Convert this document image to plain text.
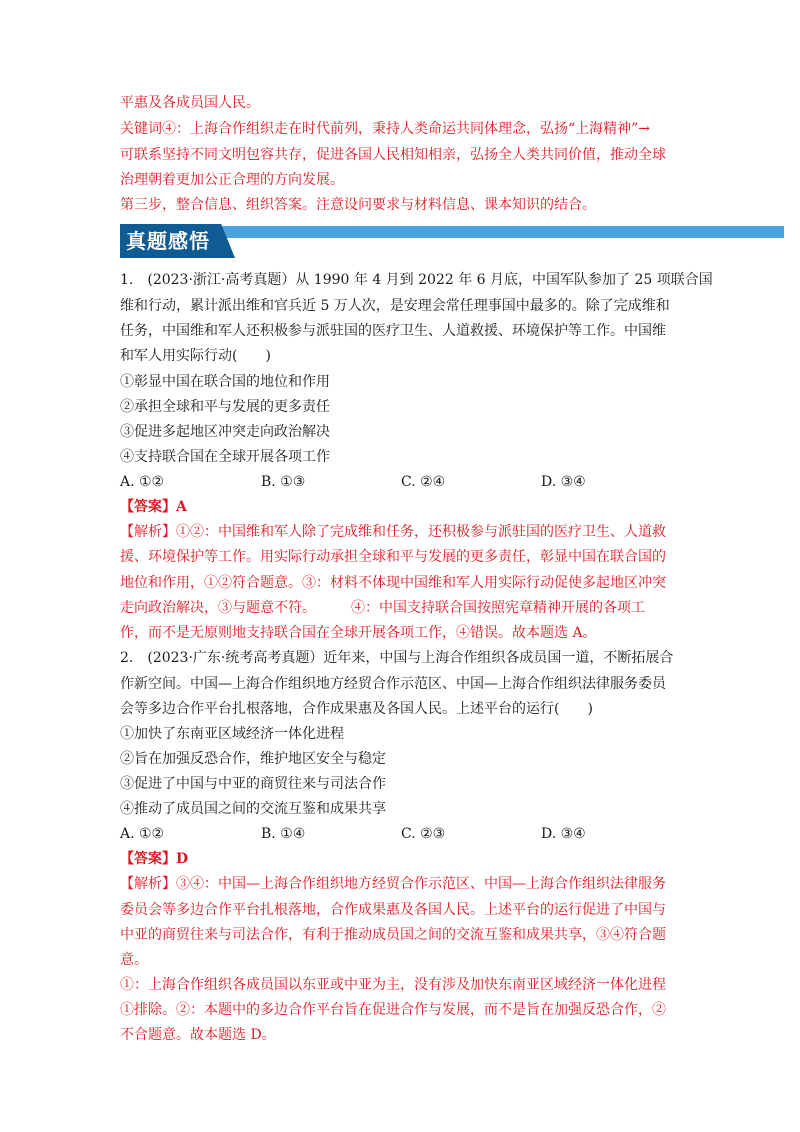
平惠及各成员国人民。
关键词④：上海合作组织走在时代前列，秉持人类命运共同体理念，弘扬“上海精神”→
可联系坚持不同文明包容共存，促进各国人民相知相亲，弘扬全人类共同价值，推动全球
治理朝着更加公正合理的方向发展。
第三步，整合信息、组织答案。注意设问要求与材料信息、课本知识的结合。
真题感悟
1.　(2023·浙江·高考真题）从 1990 年 4 月到 2022 年 6 月底，中国军队参加了 25 项联合国
维和行动，累计派出维和官兵近 5 万人次，是安理会常任理事国中最多的。除了完成维和
任务，中国维和军人还积极参与派驻国的医疗卫生、人道救援、环境保护等工作。中国维
和军人用实际行动(　　)
①彰显中国在联合国的地位和作用
②承担全球和平与发展的更多责任
③促进多起地区冲突走向政治解决
④支持联合国在全球开展各项工作
A. ①②	B. ①③	C. ②④	D. ③④
【答案】A
【解析】①②：中国维和军人除了完成维和任务，还积极参与派驻国的医疗卫生、人道救
援、环境保护等工作。用实际行动承担全球和平与发展的更多责任，彰显中国在联合国的
地位和作用，①②符合题意。③：材料不体现中国维和军人用实际行动促使多起地区冲突
走向政治解决，③与题意不符。　　　④：中国支持联合国按照宪章精神开展的各项工
作，而不是无原则地支持联合国在全球开展各项工作，④错误。故本题选 A。
2.　(2023·广东·统考高考真题）近年来，中国与上海合作组织各成员国一道，不断拓展合
作新空间。中国—上海合作组织地方经贸合作示范区、中国—上海合作组织法律服务委员
会等多边合作平台扎根落地，合作成果惠及各国人民。上述平台的运行(　　)
①加快了东南亚区域经济一体化进程
②旨在加强反恐合作，维护地区安全与稳定
③促进了中国与中亚的商贸往来与司法合作
④推动了成员国之间的交流互鉴和成果共享
A. ①②	B. ①④	C. ②③	D. ③④
【答案】D
【解析】③④：中国—上海合作组织地方经贸合作示范区、中国—上海合作组织法律服务
委员会等多边合作平台扎根落地，合作成果惠及各国人民。上述平台的运行促进了中国与
中亚的商贸往来与司法合作，有利于推动成员国之间的交流互鉴和成果共享，③④符合题
意。
①：上海合作组织各成员国以东亚或中亚为主，没有涉及加快东南亚区域经济一体化进程
①排除。②：本题中的多边合作平台旨在促进合作与发展，而不是旨在加强反恐合作，②
不合题意。故本题选 D。
